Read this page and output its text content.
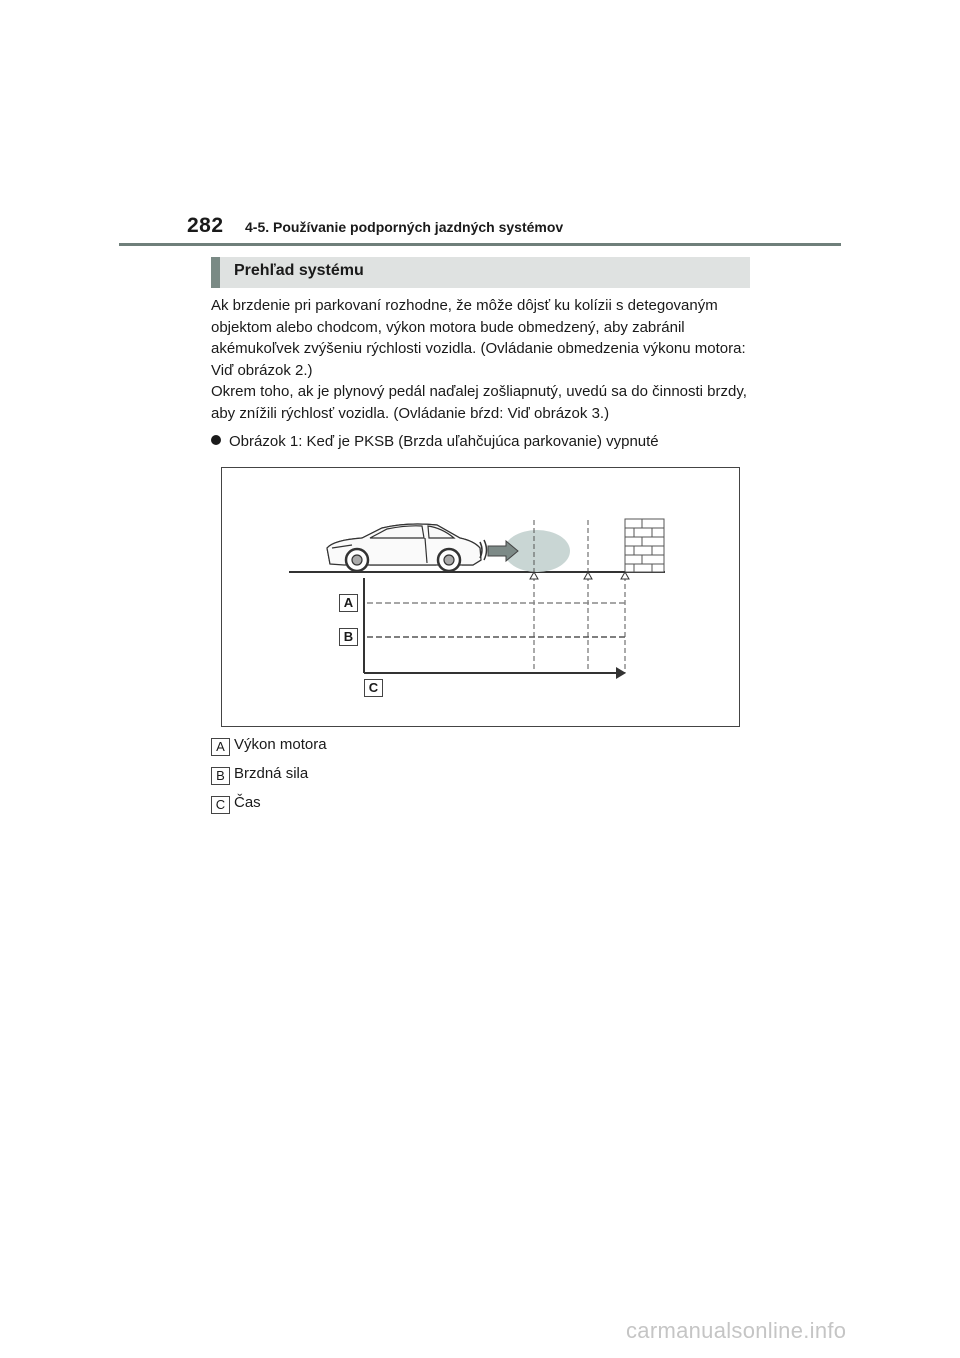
282 4-5. Používanie podporných jazdných systémov
Prehľad systému

Ak brzdenie pri parkovaní rozhodne, že môže dôjsť ku kolízii s detegovaným objektom alebo chodcom, výkon motora bude obmedzený, aby zabránil akémukoľvek zvýšeniu rýchlosti vozidla. (Ovládanie obmedzenia výkonu motora: Viď obrázok 2.)

Okrem toho, ak je plynový pedál naďalej zošliapnutý, uvedú sa do činnosti brzdy, aby znížili rýchlosť vozidla. (Ovládanie bŕzd: Viď obrázok 3.)

Obrázok 1: Keď je PKSB (Brzda uľahčujúca parkovanie) vypnuté
A
B
C
A Výkon motora
B Brzdná sila
C Čas
carmanualsonline.info
